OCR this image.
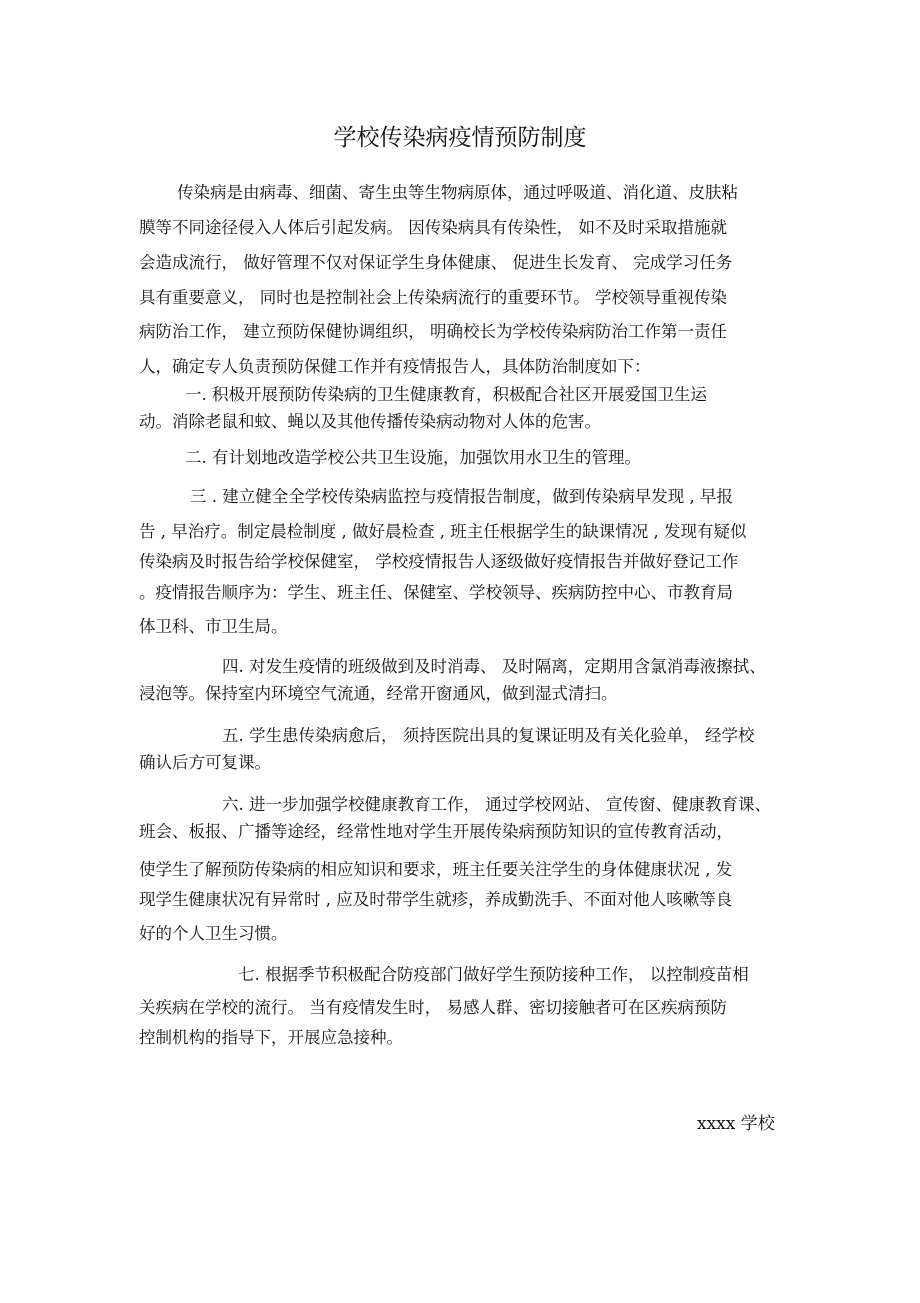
学校传染病疫情预防制度
传染病是由病毒、细菌、寄生虫等生物病原体，通过呼吸道、消化道、皮肤粘
膜等不同途径侵入人体后引起发病。 因传染病具有传染性， 如不及时采取措施就
会造成流行， 做好管理不仅对保证学生身体健康、 促进生长发育、 完成学习任务
具有重要意义， 同时也是控制社会上传染病流行的重要环节。 学校领导重视传染
病防治工作， 建立预防保健协调组织， 明确校长为学校传染病防治工作第一责任
人，确定专人负责预防保健工作并有疫情报告人，具体防治制度如下：
一. 积极开展预防传染病的卫生健康教育，积极配合社区开展爱国卫生运
动。消除老鼠和蚊、蝇以及其他传播传染病动物对人体的危害。
二. 有计划地改造学校公共卫生设施，加强饮用水卫生的管理。
三 . 建立健全全学校传染病监控与疫情报告制度，做到传染病早发现 , 早报
告 , 早治疗。制定晨检制度 , 做好晨检查 , 班主任根据学生的缺课情况 , 发现有疑似
传染病及时报告给学校保健室， 学校疫情报告人逐级做好疫情报告并做好登记工作
。疫情报告顺序为：学生、班主任、保健室、学校领导、疾病防控中心、市教育局
体卫科、市卫生局。
四. 对发生疫情的班级做到及时消毒、 及时隔离，定期用含氯消毒液擦拭、
浸泡等。保持室内环境空气流通，经常开窗通风，做到湿式清扫。
五. 学生患传染病愈后， 须持医院出具的复课证明及有关化验单， 经学校
确认后方可复课。
六. 进一步加强学校健康教育工作， 通过学校网站、 宣传窗、健康教育课、
班会、板报、广播等途经，经常性地对学生开展传染病预防知识的宣传教育活动，
使学生了解预防传染病的相应知识和要求，班主任要关注学生的身体健康状况 , 发
现学生健康状况有异常时 , 应及时带学生就疹，养成勤洗手、不面对他人咳嗽等良
好的个人卫生习惯。
七. 根据季节积极配合防疫部门做好学生预防接种工作， 以控制疫苗相
关疾病在学校的流行。 当有疫情发生时， 易感人群、密切接触者可在区疾病预防
控制机构的指导下，开展应急接种。
xxxx 学校
